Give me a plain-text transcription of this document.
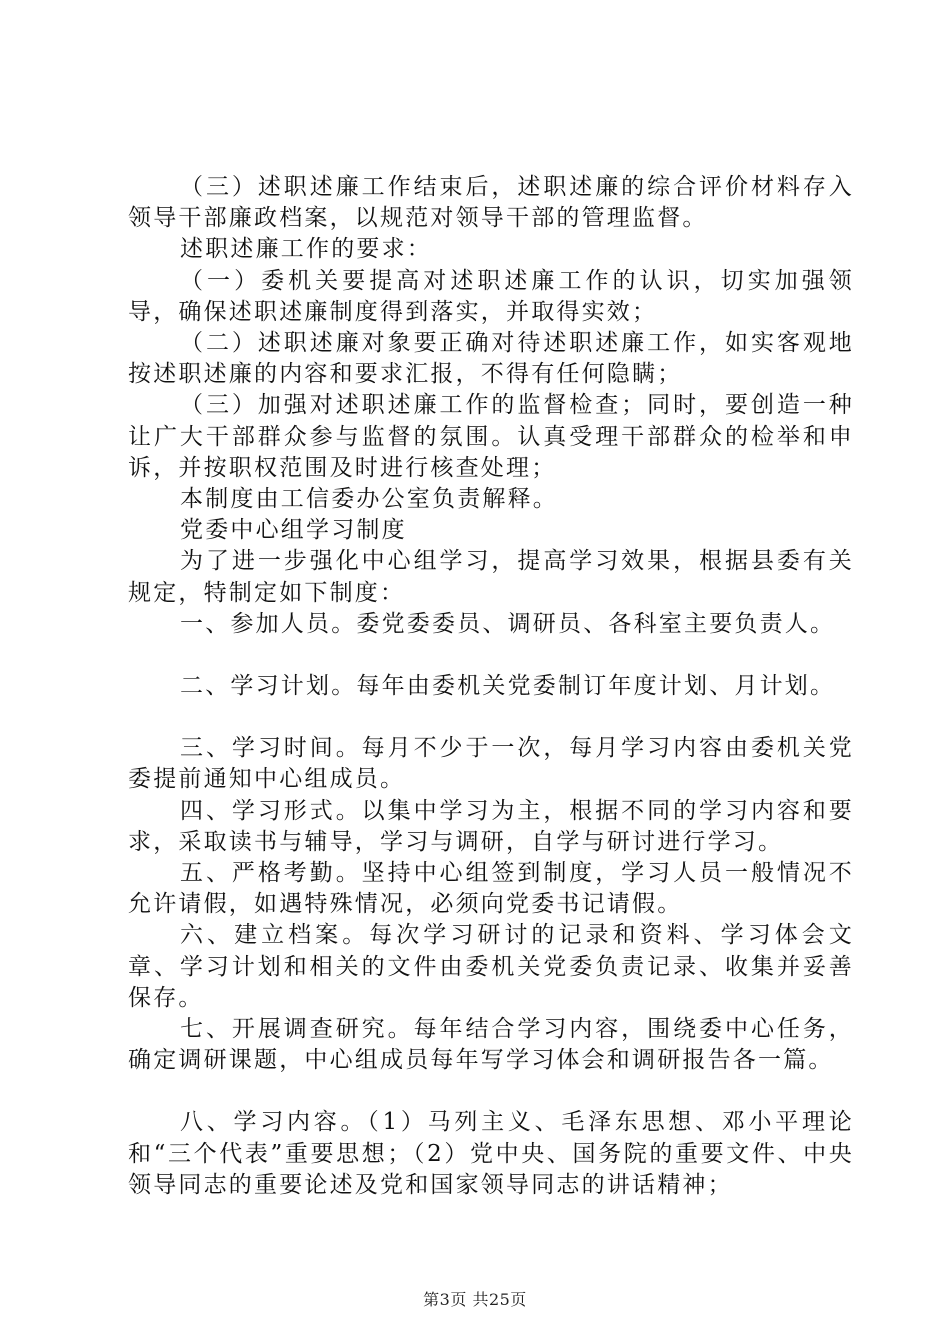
（三）述职述廉工作结束后，述职述廉的综合评价材料存入领导干部廉政档案，以规范对领导干部的管理监督。

述职述廉工作的要求：

（一）委机关要提高对述职述廉工作的认识，切实加强领导，确保述职述廉制度得到落实，并取得实效；

（二）述职述廉对象要正确对待述职述廉工作，如实客观地按述职述廉的内容和要求汇报，不得有任何隐瞒；

（三）加强对述职述廉工作的监督检查；同时，要创造一种让广大干部群众参与监督的氛围。认真受理干部群众的检举和申诉，并按职权范围及时进行核查处理；

本制度由工信委办公室负责解释。

党委中心组学习制度

为了进一步强化中心组学习，提高学习效果，根据县委有关规定，特制定如下制度：

一、参加人员。委党委委员、调研员、各科室主要负责人。

二、学习计划。每年由委机关党委制订年度计划、月计划。

三、学习时间。每月不少于一次，每月学习内容由委机关党委提前通知中心组成员。

四、学习形式。以集中学习为主，根据不同的学习内容和要求，采取读书与辅导，学习与调研，自学与研讨进行学习。

五、严格考勤。坚持中心组签到制度，学习人员一般情况不允许请假，如遇特殊情况，必须向党委书记请假。

六、建立档案。每次学习研讨的记录和资料、学习体会文章、学习计划和相关的文件由委机关党委负责记录、收集并妥善保存。

七、开展调查研究。每年结合学习内容，围绕委中心任务，确定调研课题，中心组成员每年写学习体会和调研报告各一篇。

八、学习内容。（1）马列主义、毛泽东思想、邓小平理论和“三个代表”重要思想；（2）党中央、国务院的重要文件、中央领导同志的重要论述及党和国家领导同志的讲话精神；

第3页 共25页
